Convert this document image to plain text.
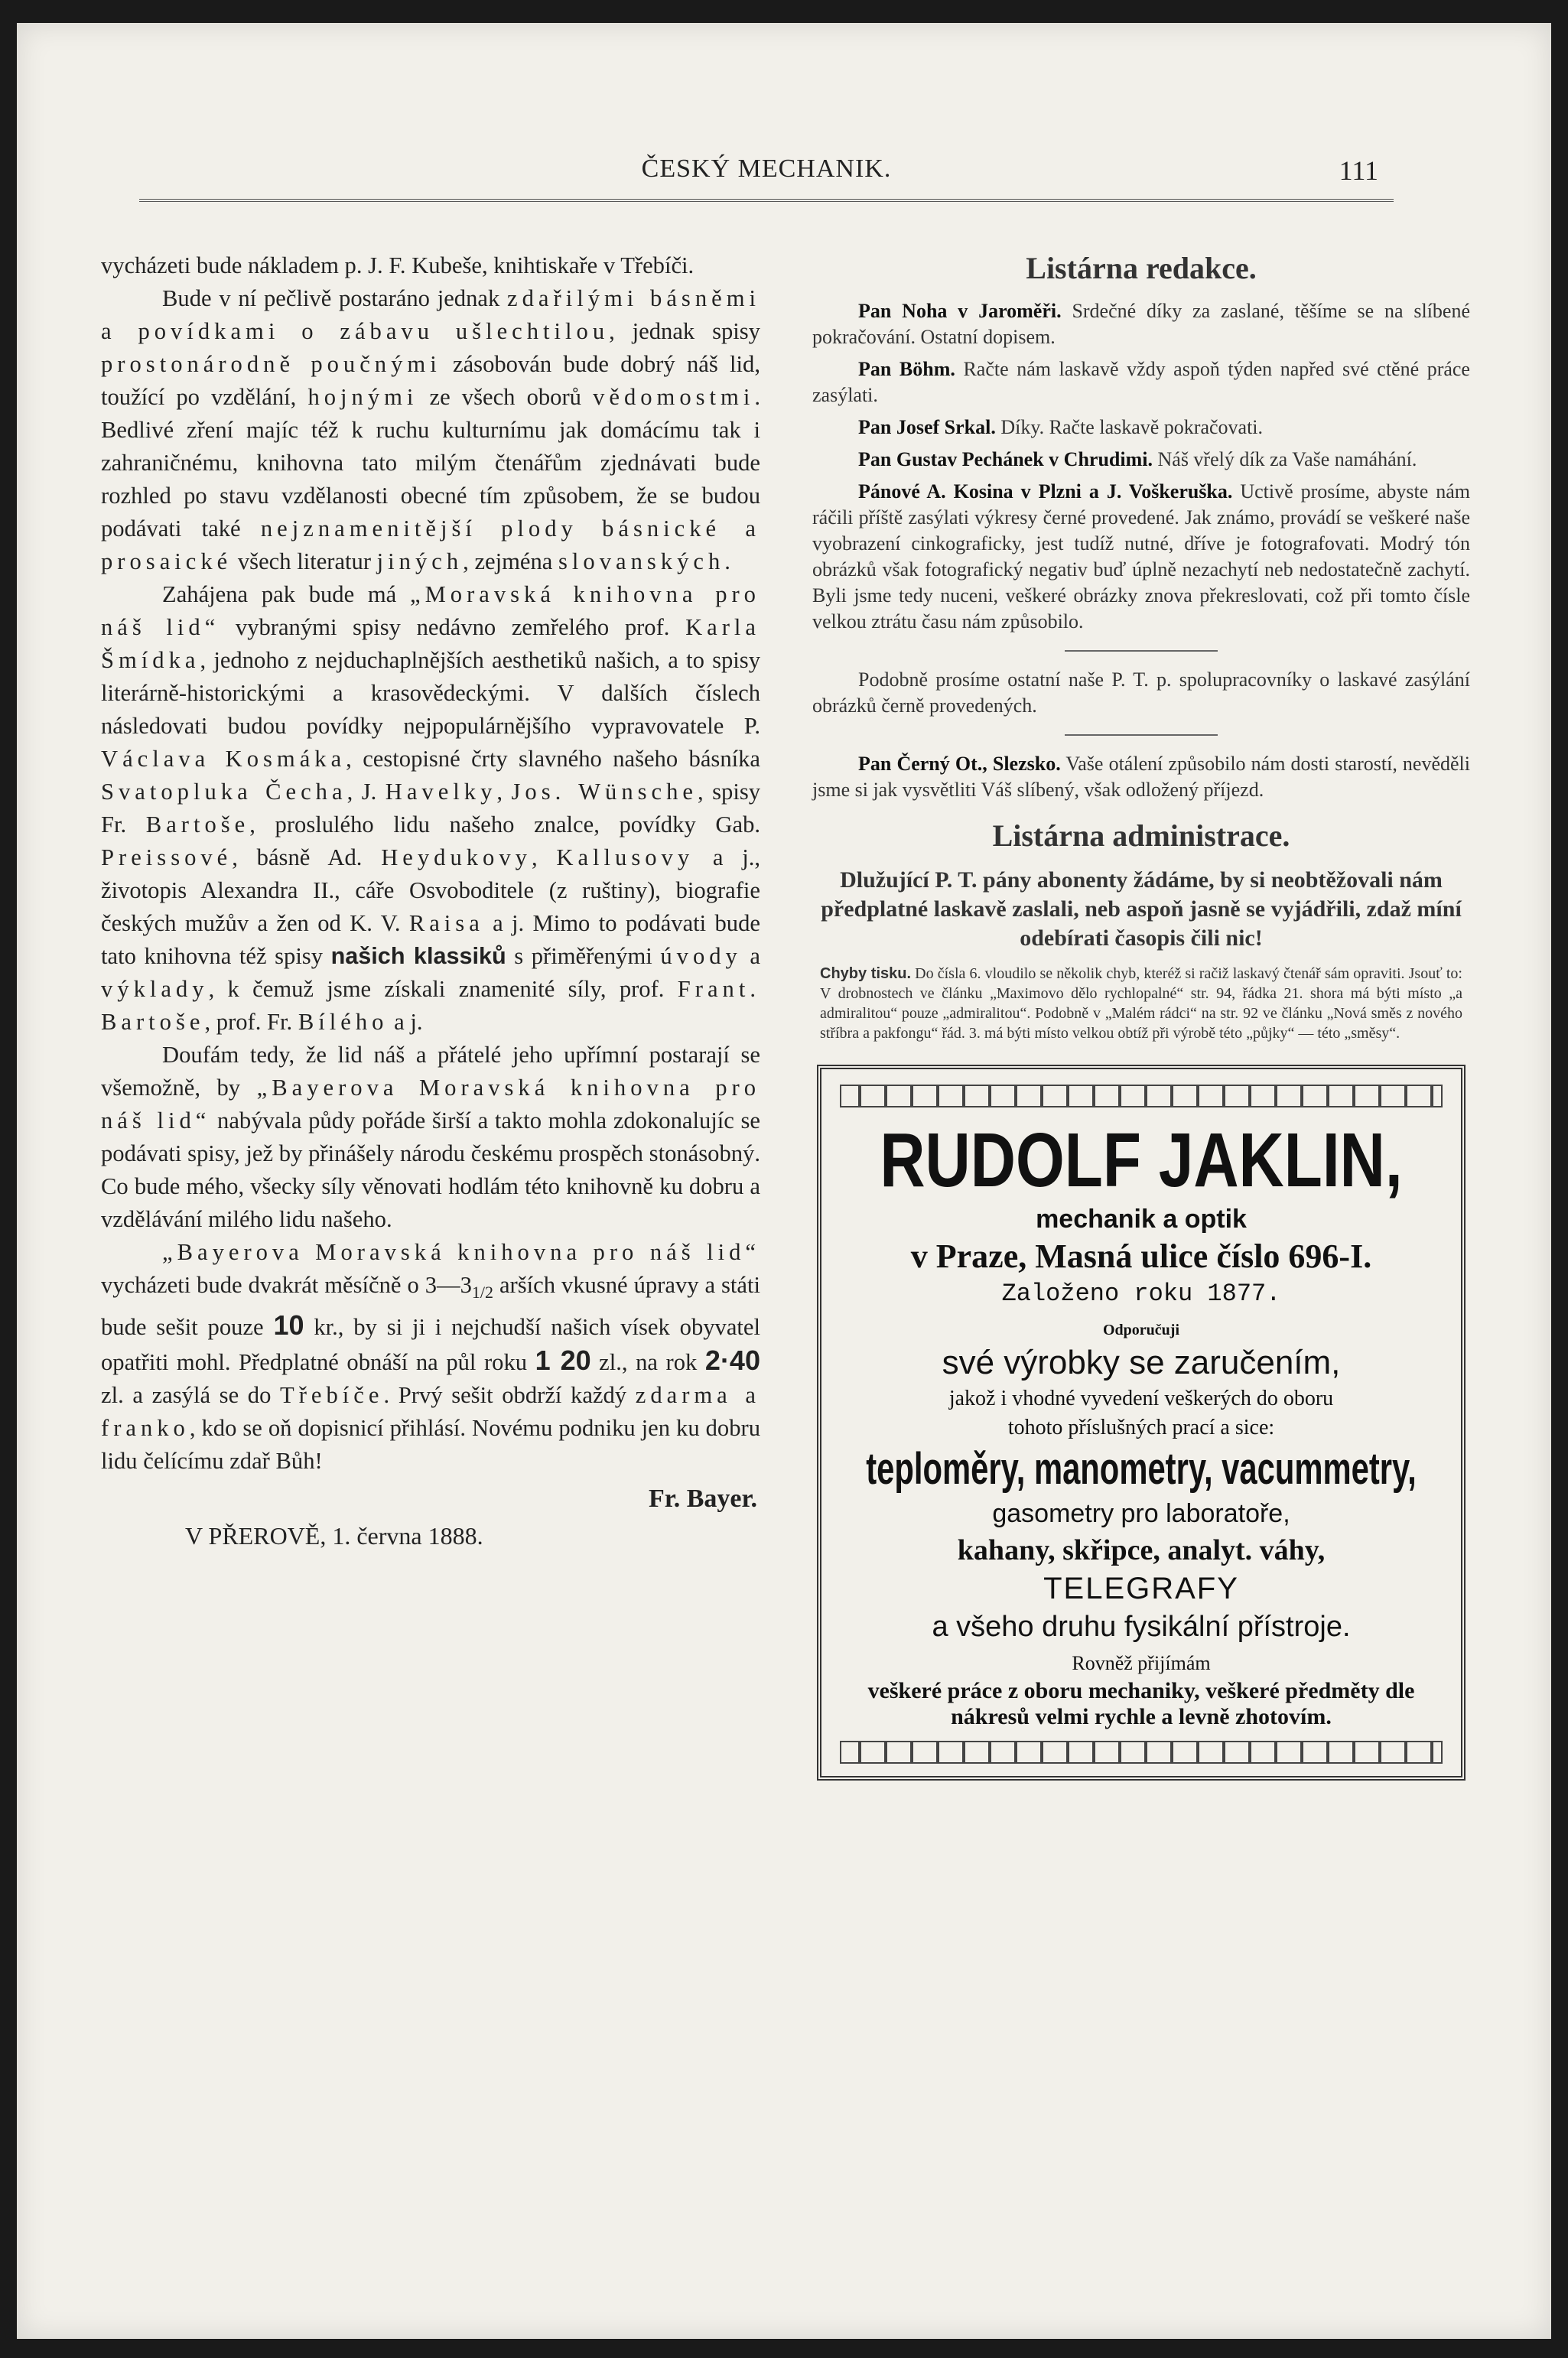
ČESKÝ MECHANIK.	111

vycházeti bude nákladem p. J. F. Kubeše, knihtiskaře v Třebíči.

Bude v ní pečlivě postaráno jednak zdařilými básněmi a povídkami o zábavu ušlechtilou, jednak spisy prostonárodně poučnými zásobován bude dobrý náš lid, toužící po vzdělání, hojnými ze všech oborů vědomostmi. Bedlivé zření majíc též k ruchu kulturnímu jak domácímu tak i zahraničnému, knihovna tato milým čtenářům zjednávati bude rozhled po stavu vzdělanosti obecné tím způsobem, že se budou podávati také nejznamenitější plody básnické a prosaické všech literatur jiných, zejména slovanských.

Zahájena pak bude má „Moravská knihovna pro náš lid“ vybranými spisy nedávno zemřelého prof. Karla Šmídka, jednoho z nejduchaplnějších aesthetiků našich, a to spisy literárně-historickými a krasovědeckými. V dalších číslech následovati budou povídky nejpopulárnějšího vypravovatele P. Václava Kosmáka, cestopisné črty slavného našeho básníka Svatopluka Čecha, J. Havelky, Jos. Wünsche, spisy Fr. Bartoše, proslulého lidu našeho znalce, povídky Gab. Preissové, básně Ad. Heydukovy, Kallusovy a j., životopis Alexandra II., cáře Osvoboditele (z ruštiny), biografie českých mužův a žen od K. V. Raisa a j. Mimo to podávati bude tato knihovna též spisy našich klassiků s přiměřenými úvody a výklady, k čemuž jsme získali znamenité síly, prof. Frant. Bartoše, prof. Fr. Bílého a j.

Doufám tedy, že lid náš a přátelé jeho upřímní postarají se všemožně, by „Bayerova Moravská knihovna pro náš lid“ nabývala půdy pořáde širší a takto mohla zdokonalujíc se podávati spisy, jež by přinášely národu českému prospěch stonásobný. Co bude mého, všecky síly věnovati hodlám této knihovně ku dobru a vzdělávání milého lidu našeho.

„Bayerova Moravská knihovna pro náš lid“ vycházeti bude dvakrát měsíčně o $3—3_{1/2}$ arších vkusné úpravy a státi bude sešit pouze 10 kr., by si ji i nejchudší našich vísek obyvatel opatřiti mohl. Předplatné obnáší na půl roku 1 20 zl., na rok 2·40 zl. a zasýlá se do Třebíče. Prvý sešit obdrží každý zdarma a franko, kdo se oň dopisnicí přihlásí. Novému podniku jen ku dobru lidu čelícímu zdař Bůh!

Fr. Bayer.
V PŘEROVĚ, 1. června 1888.
Listárna redakce.

Pan Noha v Jaroměři. Srdečné díky za zaslané, těšíme se na slíbené pokračování. Ostatní dopisem.

Pan Böhm. Račte nám laskavě vždy aspoň týden napřed své ctěné práce zasýlati.

Pan Josef Srkal. Díky. Račte laskavě pokračovati.

Pan Gustav Pechánek v Chrudimi. Náš vřelý dík za Vaše namáhání.

Pánové A. Kosina v Plzni a J. Voškeruška. Uctivě prosíme, abyste nám ráčili příště zasýlati výkresy černé provedené. Jak známo, provádí se veškeré naše vyobrazení cinkograficky, jest tudíž nutné, dříve je fotografovati. Modrý tón obrázků však fotografický negativ buď úplně nezachytí neb nedostatečně zachytí. Byli jsme tedy nuceni, veškeré obrázky znova překreslovati, což při tomto čísle velkou ztrátu času nám způsobilo.

Podobně prosíme ostatní naše P. T. p. spolupracovníky o laskavé zasýlání obrázků černě provedených.

Pan Černý Ot., Slezsko. Vaše otálení způsobilo nám dosti starostí, nevěděli jsme si jak vysvětliti Váš slíbený, však odložený příjezd.

Listárna administrace.
Dlužující P. T. pány abonenty žádáme, by si neobtěžovali nám předplatné laskavě zaslali, neb aspoň jasně se vyjádřili, zdaž míní odebírati časopis čili nic!
Chyby tisku. Do čísla 6. vloudilo se několik chyb, kteréž si račiž laskavý čtenář sám opraviti. Jsouť to: V drobnostech ve článku „Maximovo dělo rychlopalné“ str. 94, řádka 21. shora má býti místo „a admiralitou“ pouze „admiralitou“. Podobně v „Malém rádci“ na str. 92 ve článku „Nová směs z nového stříbra a pakfongu“ řád. 3. má býti místo velkou obtíž při výrobě této „půjky“ — této „směsy“.
RUDOLF JAKLIN,
mechanik a optik
v Praze, Masná ulice číslo 696-I.
Založeno roku 1877.
Odporučuji
své výrobky se zaručením,
jakož i vhodné vyvedení veškerých do oboru
tohoto příslušných prací a sice:
teploměry, manometry, vacummetry,
gasometry pro laboratoře,
kahany, skřipce, analyt. váhy,
TELEGRAFY
a všeho druhu fysikální přístroje.
Rovněž přijímám
veškeré práce z oboru mechaniky, veškeré předměty dle nákresů velmi rychle a levně zhotovím.
